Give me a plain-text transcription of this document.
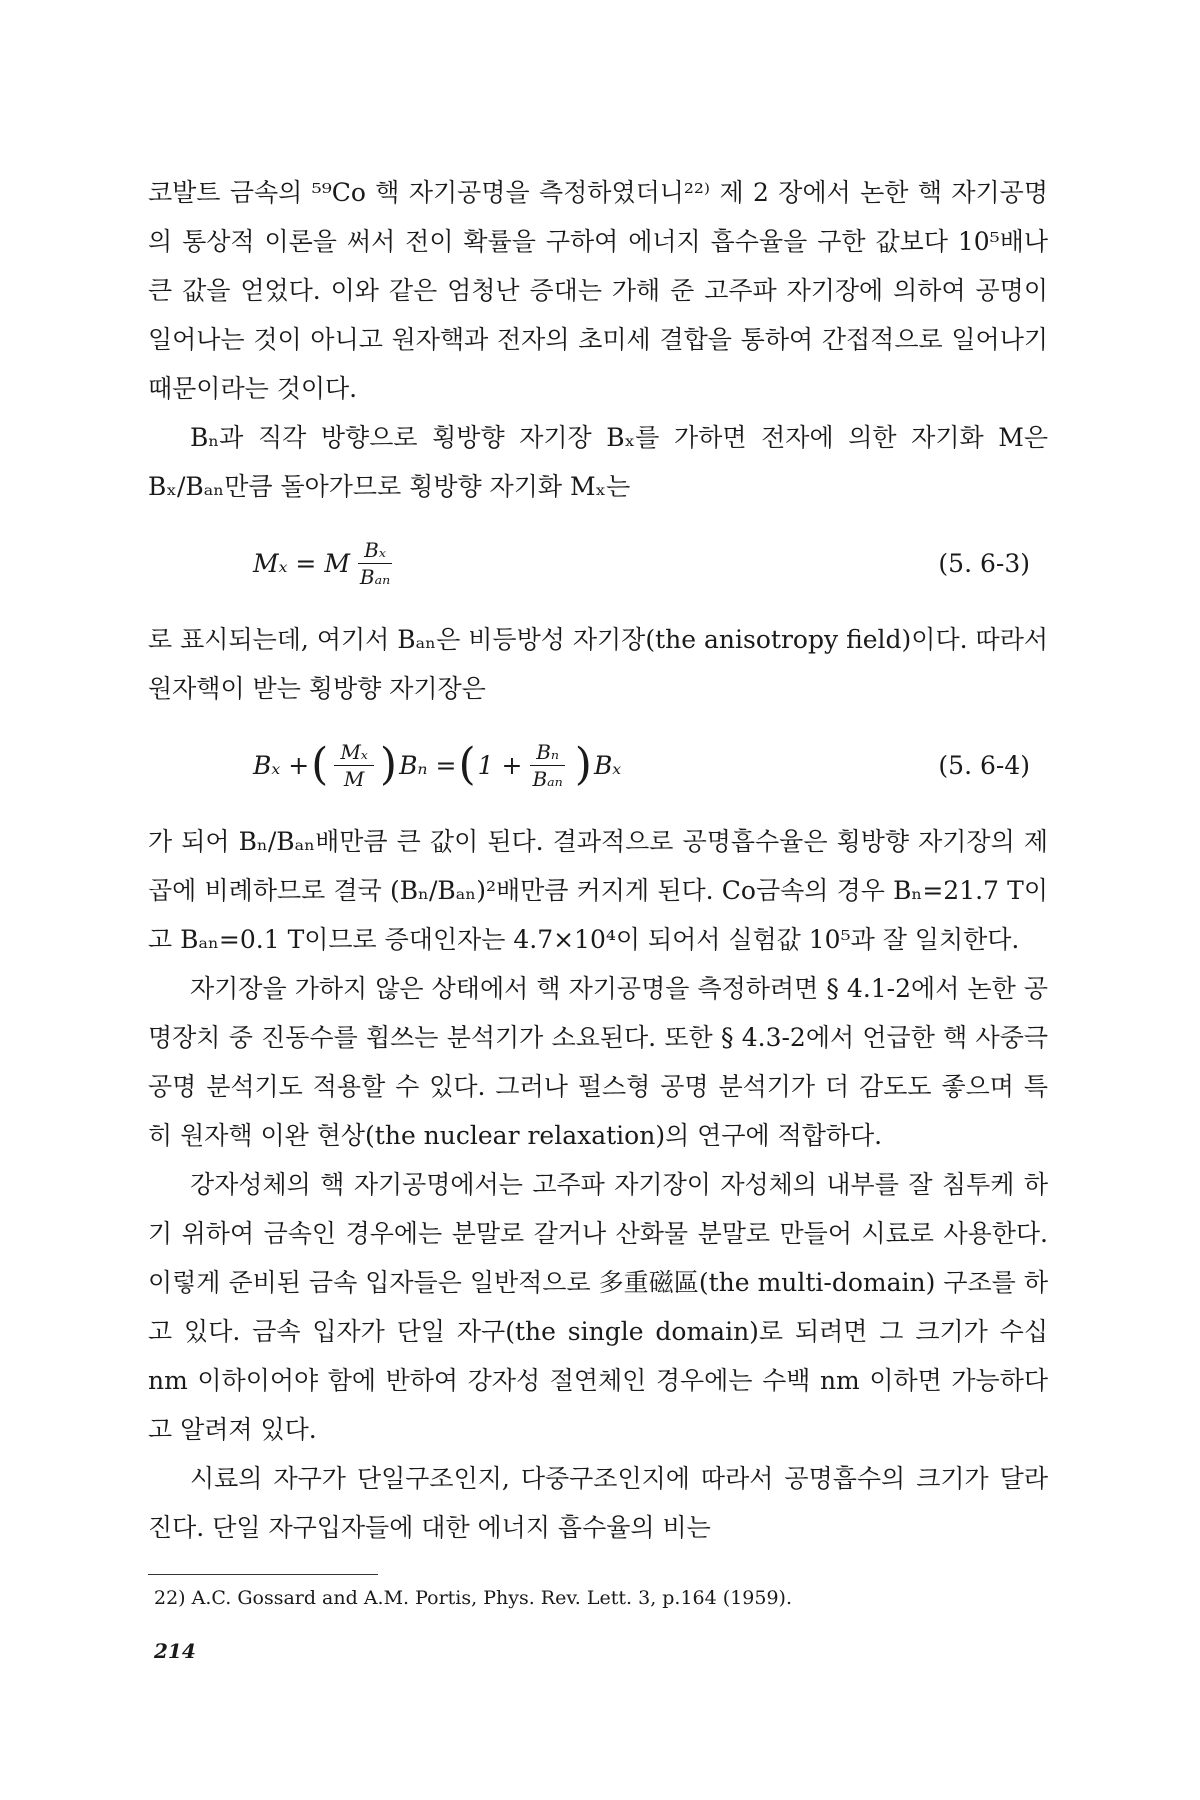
코발트 금속의 ⁵⁹Co 핵 자기공명을 측정하였더니²²⁾ 제 2 장에서 논한 핵 자기공명의 통상적 이론을 써서 전이 확률을 구하여 에너지 흡수율을 구한 값보다 10⁵배나 큰 값을 얻었다. 이와 같은 엄청난 증대는 가해 준 고주파 자기장에 의하여 공명이 일어나는 것이 아니고 원자핵과 전자의 초미세 결합을 통하여 간접적으로 일어나기 때문이라는 것이다.

Bₙ과 직각 방향으로 횡방향 자기장 Bₓ를 가하면 전자에 의한 자기화 M은 Bₓ/Bₐₙ만큼 돌아가므로 횡방향 자기화 Mₓ는

Mₓ = M $\frac{\text{Bₓ}}{\text{Bₐₙ}}$	(5. 6-3)

로 표시되는데, 여기서 Bₐₙ은 비등방성 자기장(the anisotropy field)이다. 따라서 원자핵이 받는 횡방향 자기장은

Bₓ + ( $\frac{\text{Mₓ}}{M}$ ) Bₙ = ( $1 + \frac{\text{Bₙ}}{\text{Bₐₙ}}$ ) Bₓ	(5. 6-4)

가 되어 Bₙ/Bₐₙ배만큼 큰 값이 된다. 결과적으로 공명흡수율은 횡방향 자기장의 제곱에 비례하므로 결국 (Bₙ/Bₐₙ)²배만큼 커지게 된다. Co금속의 경우 Bₙ=21.7 T이고 Bₐₙ=0.1 T이므로 증대인자는 4.7×10⁴이 되어서 실험값 10⁵과 잘 일치한다.

자기장을 가하지 않은 상태에서 핵 자기공명을 측정하려면 § 4.1-2에서 논한 공명장치 중 진동수를 휩쓰는 분석기가 소요된다. 또한 § 4.3-2에서 언급한 핵 사중극 공명 분석기도 적용할 수 있다. 그러나 펄스형 공명 분석기가 더 감도도 좋으며 특히 원자핵 이완 현상(the nuclear relaxation)의 연구에 적합하다.

강자성체의 핵 자기공명에서는 고주파 자기장이 자성체의 내부를 잘 침투케 하기 위하여 금속인 경우에는 분말로 갈거나 산화물 분말로 만들어 시료로 사용한다. 이렇게 준비된 금속 입자들은 일반적으로 多重磁區(the multi-domain) 구조를 하고 있다. 금속 입자가 단일 자구(the single domain)로 되려면 그 크기가 수십 nm 이하이어야 함에 반하여 강자성 절연체인 경우에는 수백 nm 이하면 가능하다고 알려져 있다.

시료의 자구가 단일구조인지, 다중구조인지에 따라서 공명흡수의 크기가 달라진다. 단일 자구입자들에 대한 에너지 흡수율의 비는

22) A.C. Gossard and A.M. Portis, Phys. Rev. Lett. 3, p.164 (1959).

214
